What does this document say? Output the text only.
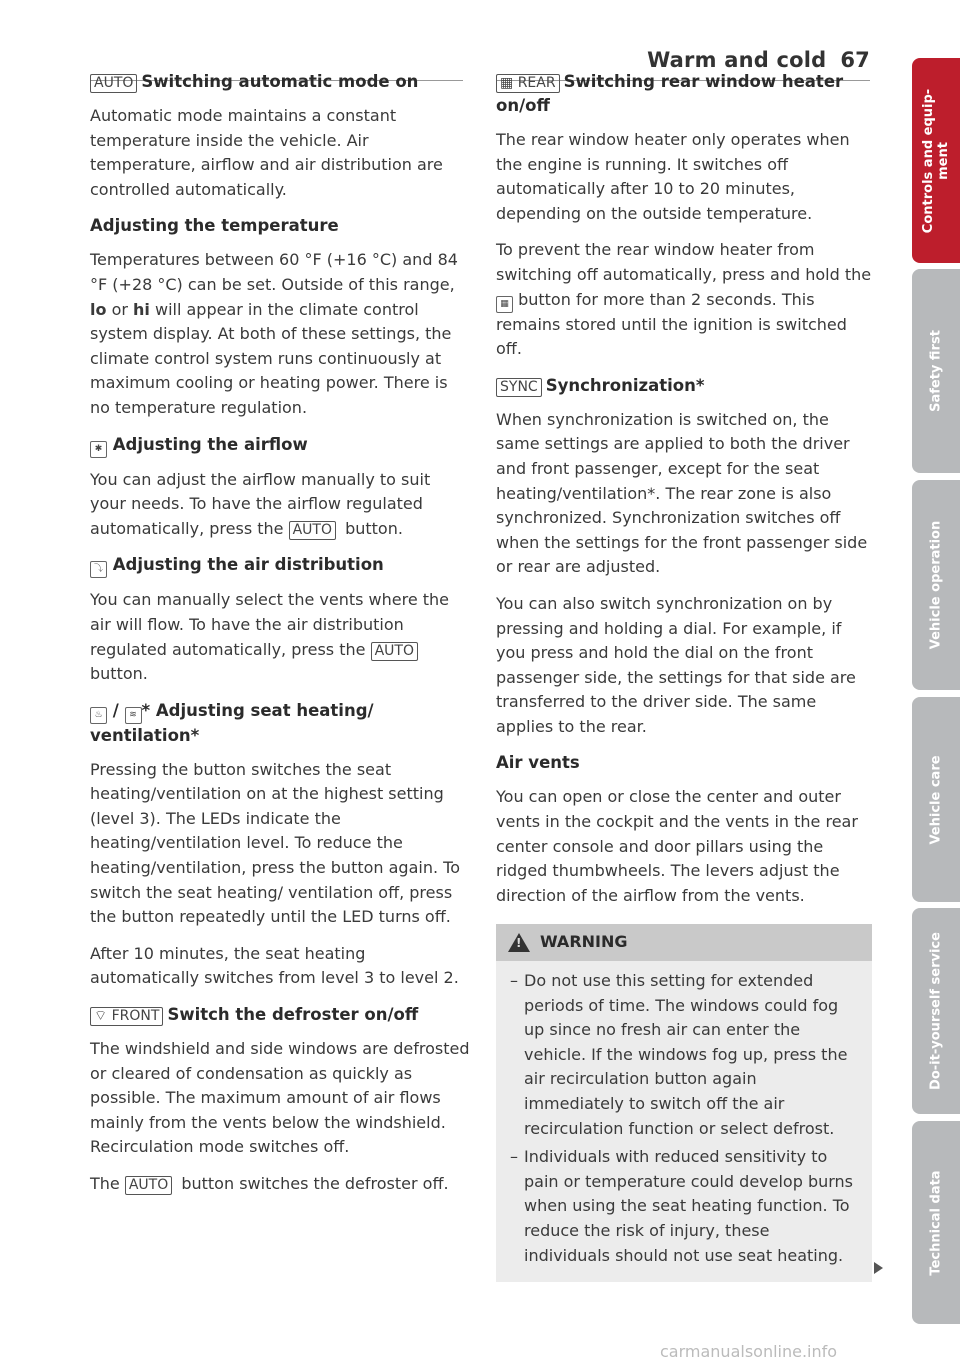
Warm and cold 67
AUTO Switching automatic mode on

Automatic mode maintains a constant temperature inside the vehicle. Air temperature, airflow and air distribution are controlled automatically.

Adjusting the temperature

Temperatures between 60 °F (+16 °C) and 84 °F (+28 °C) can be set. Outside of this range, lo or hi will appear in the climate control system display. At both of these settings, the climate control system runs continuously at maximum cooling or heating power. There is no temperature regulation.

✱ Adjusting the airflow

You can adjust the airflow manually to suit your needs. To have the airflow regulated automatically, press the AUTO button.

⤵ Adjusting the air distribution

You can manually select the vents where the air will flow. To have the air distribution regulated automatically, press the AUTO button.

♨ / ≋ * Adjusting seat heating/ ventilation*

Pressing the button switches the seat heating/ventilation on at the highest setting (level 3). The LEDs indicate the heating/ventilation level. To reduce the heating/ventilation, press the button again. To switch the seat heating/ ventilation off, press the button repeatedly until the LED turns off.

After 10 minutes, the seat heating automatically switches from level 3 to level 2.

⌔ FRONT Switch the defroster on/off

The windshield and side windows are defrosted or cleared of condensation as quickly as possible. The maximum amount of air flows mainly from the vents below the windshield. Recirculation mode switches off.

The AUTO button switches the defroster off.

▦ REAR Switching rear window heater on/off

The rear window heater only operates when the engine is running. It switches off automatically after 10 to 20 minutes, depending on the outside temperature.

To prevent the rear window heater from switching off automatically, press and hold the ▦ button for more than 2 seconds. This remains stored until the ignition is switched off.

SYNC Synchronization*

When synchronization is switched on, the same settings are applied to both the driver and front passenger, except for the seat heating/ventilation*. The rear zone is also synchronized. Synchronization switches off when the settings for the front passenger side or rear are adjusted.

You can also switch synchronization on by pressing and holding a dial. For example, if you press and hold the dial on the front passenger side, the settings for that side are transferred to the driver side. The same applies to the rear.

Air vents

You can open or close the center and outer vents in the cockpit and the vents in the rear center console and door pillars using the ridged thumbwheels. The levers adjust the direction of the airflow from the vents.

! WARNING
– Do not use this setting for extended periods of time. The windows could fog up since no fresh air can enter the vehicle. If the windows fog up, press the air recirculation button again immediately to switch off the air recirculation function or select defrost.
– Individuals with reduced sensitivity to pain or temperature could develop burns when using the seat heating function. To reduce the risk of injury, these individuals should not use seat heating.
Controls and equip-
ment
Safety first
Vehicle operation
Vehicle care
Do-it-yourself service
Technical data
carmanualsonline.info
